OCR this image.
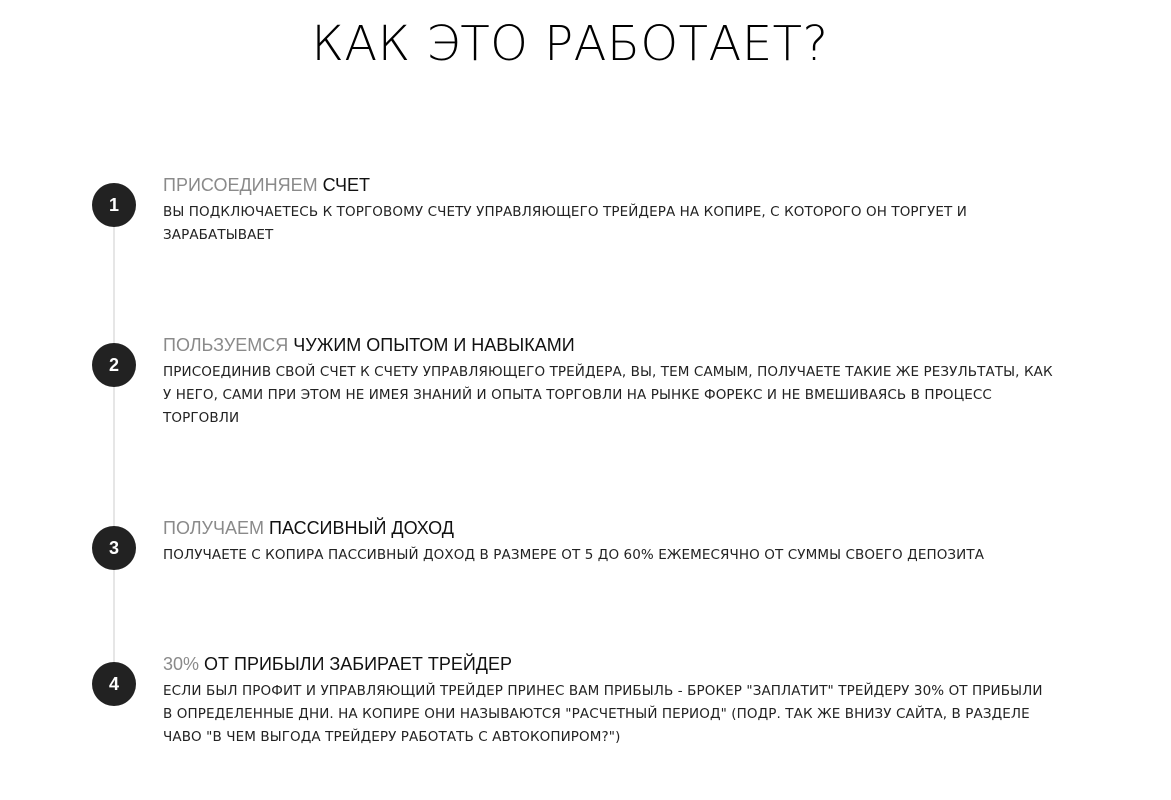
КАК ЭТО РАБОТАЕТ?
1

ПРИСОЕДИНЯЕМ СЧЕТ

ВЫ ПОДКЛЮЧАЕТЕСЬ К ТОРГОВОМУ СЧЕТУ УПРАВЛЯЮЩЕГО ТРЕЙДЕРА НА КОПИРЕ, С КОТОРОГО ОН ТОРГУЕТ И ЗАРАБАТЫВАЕТ

2

ПОЛЬЗУЕМСЯ ЧУЖИМ ОПЫТОМ И НАВЫКАМИ

ПРИСОЕДИНИВ СВОЙ СЧЕТ К СЧЕТУ УПРАВЛЯЮЩЕГО ТРЕЙДЕРА, ВЫ, ТЕМ САМЫМ, ПОЛУЧАЕТЕ ТАКИЕ ЖЕ РЕЗУЛЬТАТЫ, КАК У НЕГО, САМИ ПРИ ЭТОМ НЕ ИМЕЯ ЗНАНИЙ И ОПЫТА ТОРГОВЛИ НА РЫНКЕ ФОРЕКС И НЕ ВМЕШИВАЯСЬ В ПРОЦЕСС ТОРГОВЛИ

3

ПОЛУЧАЕМ ПАССИВНЫЙ ДОХОД

ПОЛУЧАЕТЕ С КОПИРА ПАССИВНЫЙ ДОХОД В РАЗМЕРЕ ОТ 5 ДО 60% ЕЖЕМЕСЯЧНО ОТ СУММЫ СВОЕГО ДЕПОЗИТА

4

30% ОТ ПРИБЫЛИ ЗАБИРАЕТ ТРЕЙДЕР

ЕСЛИ БЫЛ ПРОФИТ И УПРАВЛЯЮЩИЙ ТРЕЙДЕР ПРИНЕС ВАМ ПРИБЫЛЬ - БРОКЕР "ЗАПЛАТИТ" ТРЕЙДЕРУ 30% ОТ ПРИБЫЛИ В ОПРЕДЕЛЕННЫЕ ДНИ. НА КОПИРЕ ОНИ НАЗЫВАЮТСЯ "РАСЧЕТНЫЙ ПЕРИОД" (ПОДР. ТАК ЖЕ ВНИЗУ САЙТА, В РАЗДЕЛЕ ЧАВО "В ЧЕМ ВЫГОДА ТРЕЙДЕРУ РАБОТАТЬ С АВТОКОПИРОМ?")
